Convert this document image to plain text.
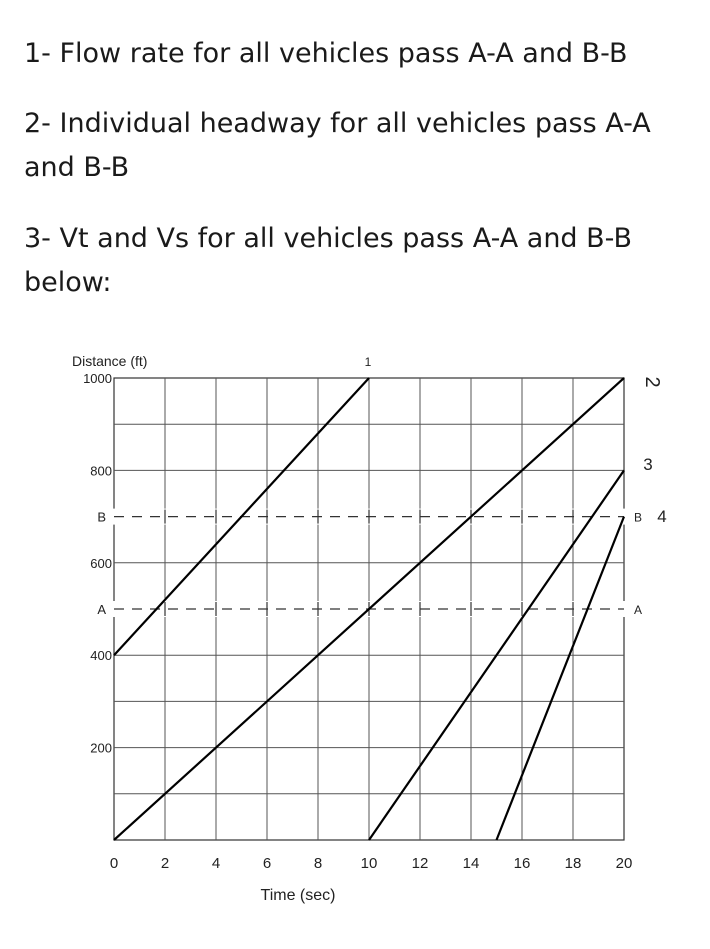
1- Flow rate for all vehicles pass A-A and B-B

2- Individual headway for all vehicles pass A-A and B-B

3- Vt and Vs for all vehicles pass A-A and B-B below:

A	A
B	B
1
2
3
4
0	2	4	6	8	10 12 14 16 18 20
200
400
600
800
1000
Distance (ft)
Time (sec)
